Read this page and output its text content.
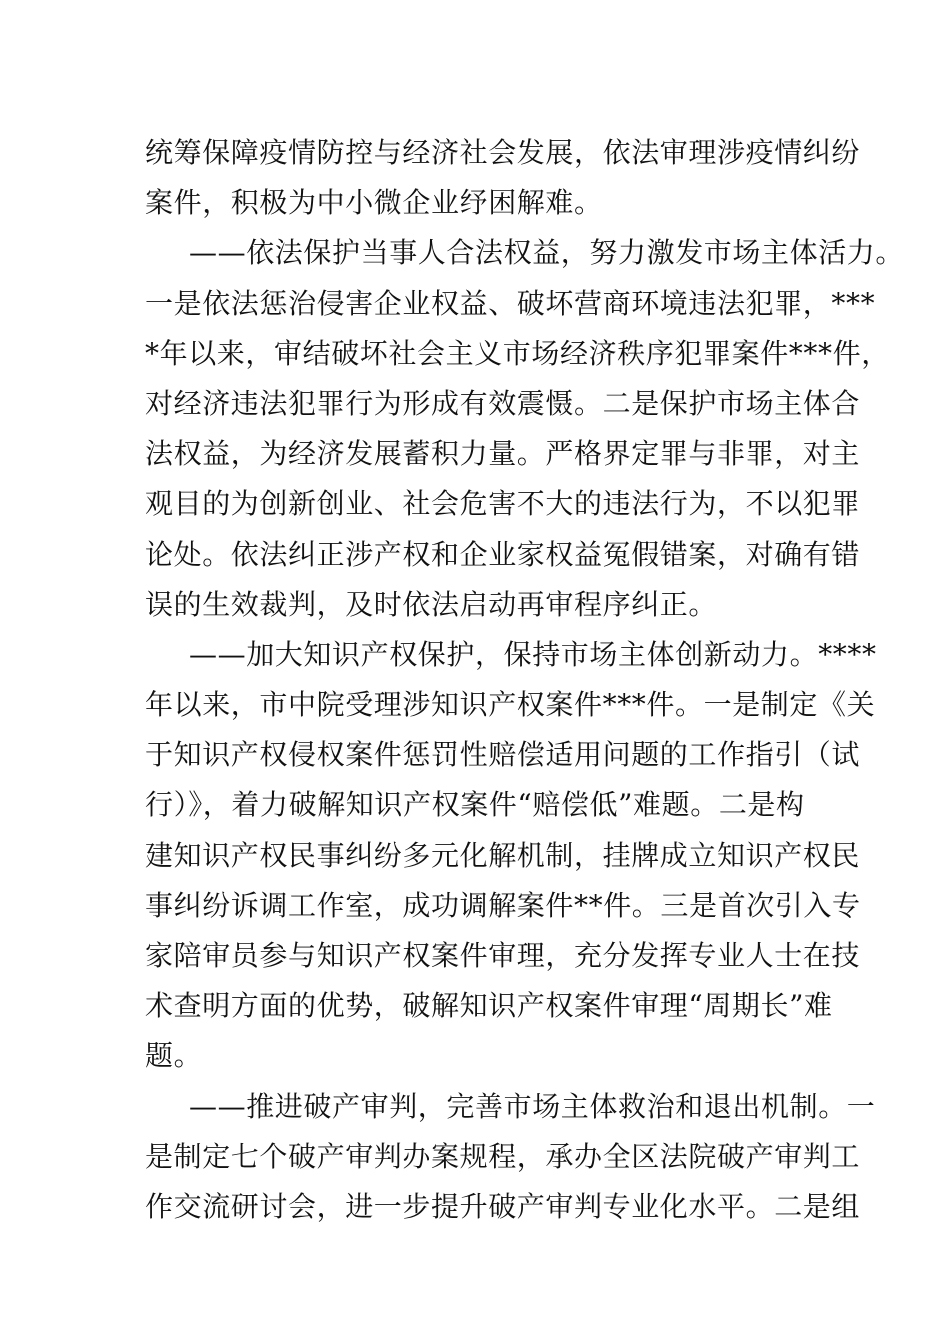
统筹保障疫情防控与经济社会发展，依法审理涉疫情纠纷
案件，积极为中小微企业纾困解难。
——依法保护当事人合法权益，努力激发市场主体活力。
一是依法惩治侵害企业权益、破坏营商环境违法犯罪，***
*年以来，审结破坏社会主义市场经济秩序犯罪案件***件，
对经济违法犯罪行为形成有效震慑。二是保护市场主体合
法权益，为经济发展蓄积力量。严格界定罪与非罪，对主
观目的为创新创业、社会危害不大的违法行为，不以犯罪
论处。依法纠正涉产权和企业家权益冤假错案，对确有错
误的生效裁判，及时依法启动再审程序纠正。
——加大知识产权保护，保持市场主体创新动力。****
年以来，市中院受理涉知识产权案件***件。一是制定《关
于知识产权侵权案件惩罚性赔偿适用问题的工作指引（试
行）》，着力破解知识产权案件“赔偿低”难题。二是构
建知识产权民事纠纷多元化解机制，挂牌成立知识产权民
事纠纷诉调工作室，成功调解案件**件。三是首次引入专
家陪审员参与知识产权案件审理，充分发挥专业人士在技
术查明方面的优势，破解知识产权案件审理“周期长”难
题。
——推进破产审判，完善市场主体救治和退出机制。一
是制定七个破产审判办案规程，承办全区法院破产审判工
作交流研讨会，进一步提升破产审判专业化水平。二是组
